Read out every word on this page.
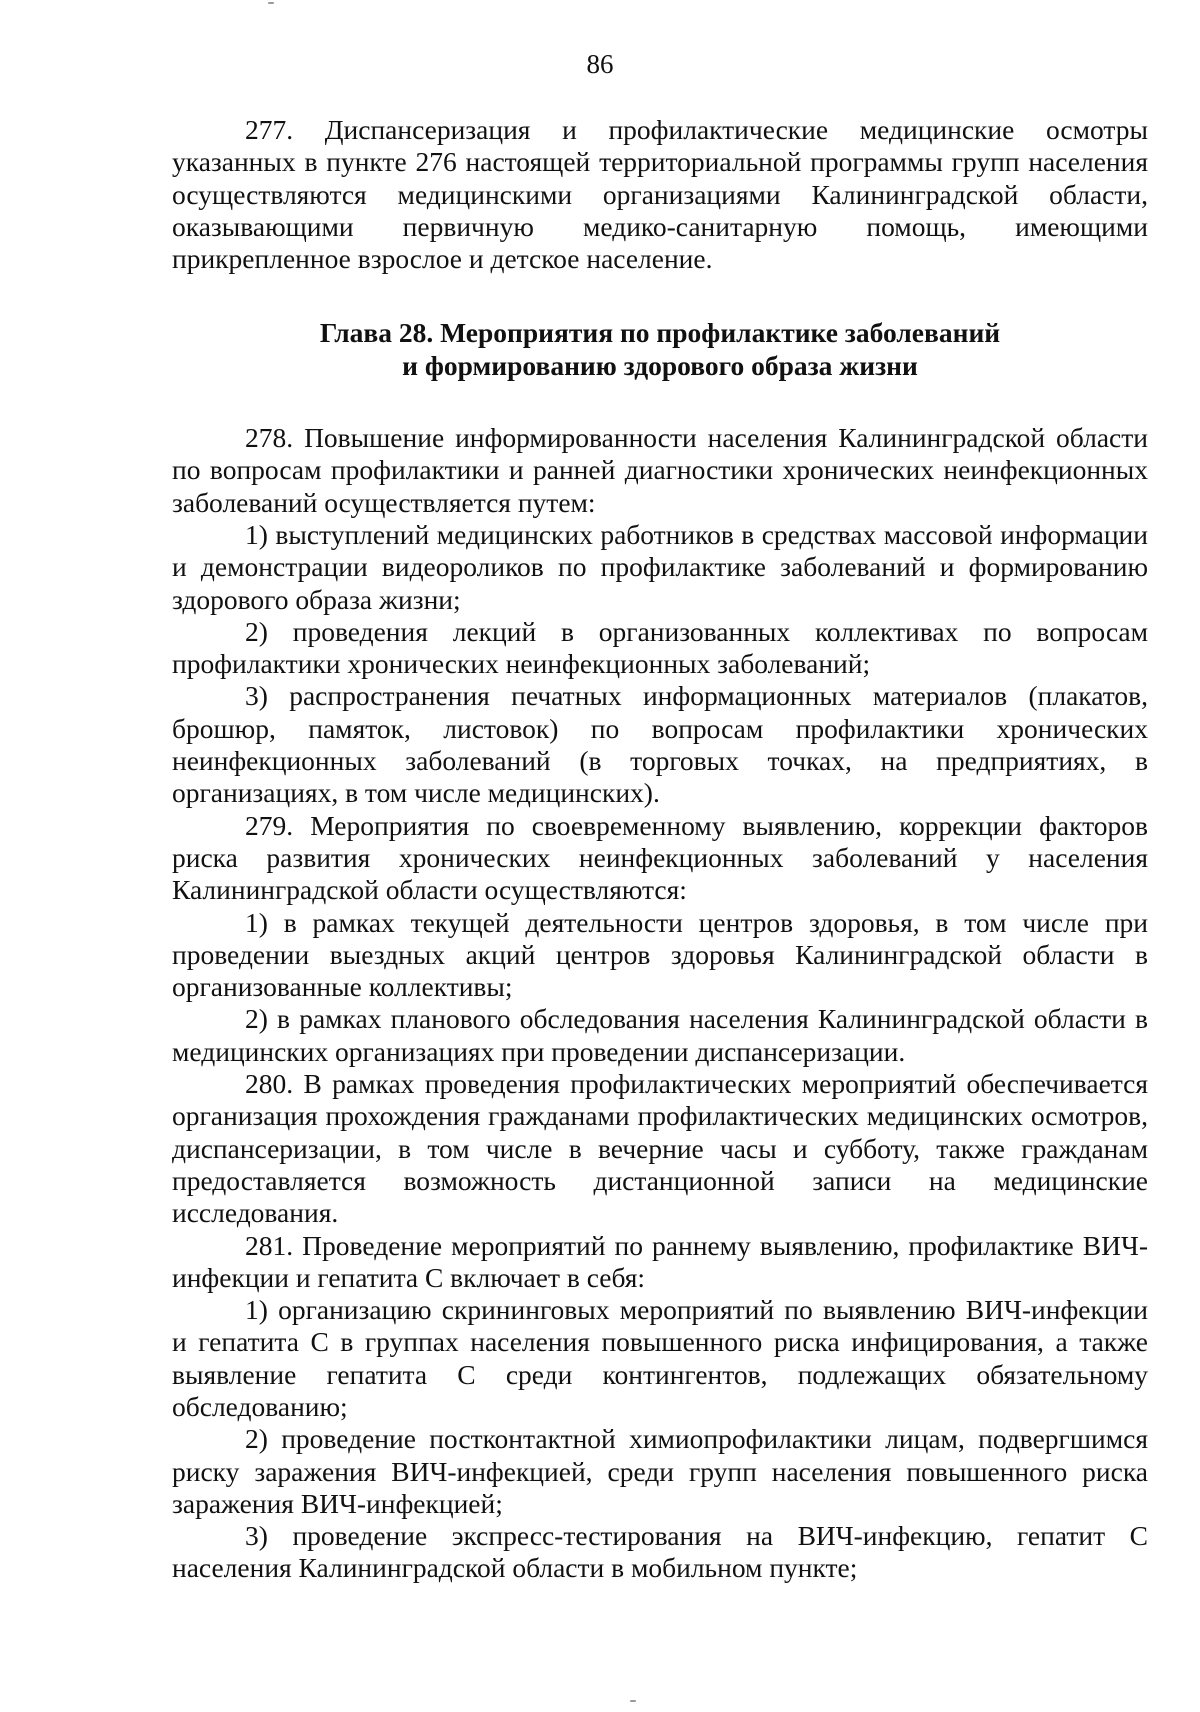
86

277. Диспансеризация и профилактические медицинские осмотры указанных в пункте 276 настоящей территориальной программы групп населения осуществляются медицинскими организациями Калининградской области, оказывающими первичную медико-санитарную помощь, имеющими прикрепленное взрослое и детское население.

Глава 28. Мероприятия по профилактике заболеваний
и формированию здорового образа жизни

278. Повышение информированности населения Калининградской области по вопросам профилактики и ранней диагностики хронических неинфекционных заболеваний осуществляется путем:

1) выступлений медицинских работников в средствах массовой информации и демонстрации видеороликов по профилактике заболеваний и формированию здорового образа жизни;

2) проведения лекций в организованных коллективах по вопросам профилактики хронических неинфекционных заболеваний;

3) распространения печатных информационных материалов (плакатов, брошюр, памяток, листовок) по вопросам профилактики хронических неинфекционных заболеваний (в торговых точках, на предприятиях, в организациях, в том числе медицинских).

279. Мероприятия по своевременному выявлению, коррекции факторов риска развития хронических неинфекционных заболеваний у населения Калининградской области осуществляются:

1) в рамках текущей деятельности центров здоровья, в том числе при проведении выездных акций центров здоровья Калининградской области в организованные коллективы;

2) в рамках планового обследования населения Калининградской области в медицинских организациях при проведении диспансеризации.

280. В рамках проведения профилактических мероприятий обеспечивается организация прохождения гражданами профилактических медицинских осмотров, диспансеризации, в том числе в вечерние часы и субботу, также гражданам предоставляется возможность дистанционной записи на медицинские исследования.

281. Проведение мероприятий по раннему выявлению, профилактике ВИЧ-инфекции и гепатита С включает в себя:

1) организацию скрининговых мероприятий по выявлению ВИЧ-инфекции и гепатита С в группах населения повышенного риска инфицирования, а также выявление гепатита С среди контингентов, подлежащих обязательному обследованию;

2) проведение постконтактной химиопрофилактики лицам, подвергшимся риску заражения ВИЧ-инфекцией, среди групп населения повышенного риска заражения ВИЧ-инфекцией;

3) проведение экспресс-тестирования на ВИЧ-инфекцию, гепатит С населения Калининградской области в мобильном пункте;
